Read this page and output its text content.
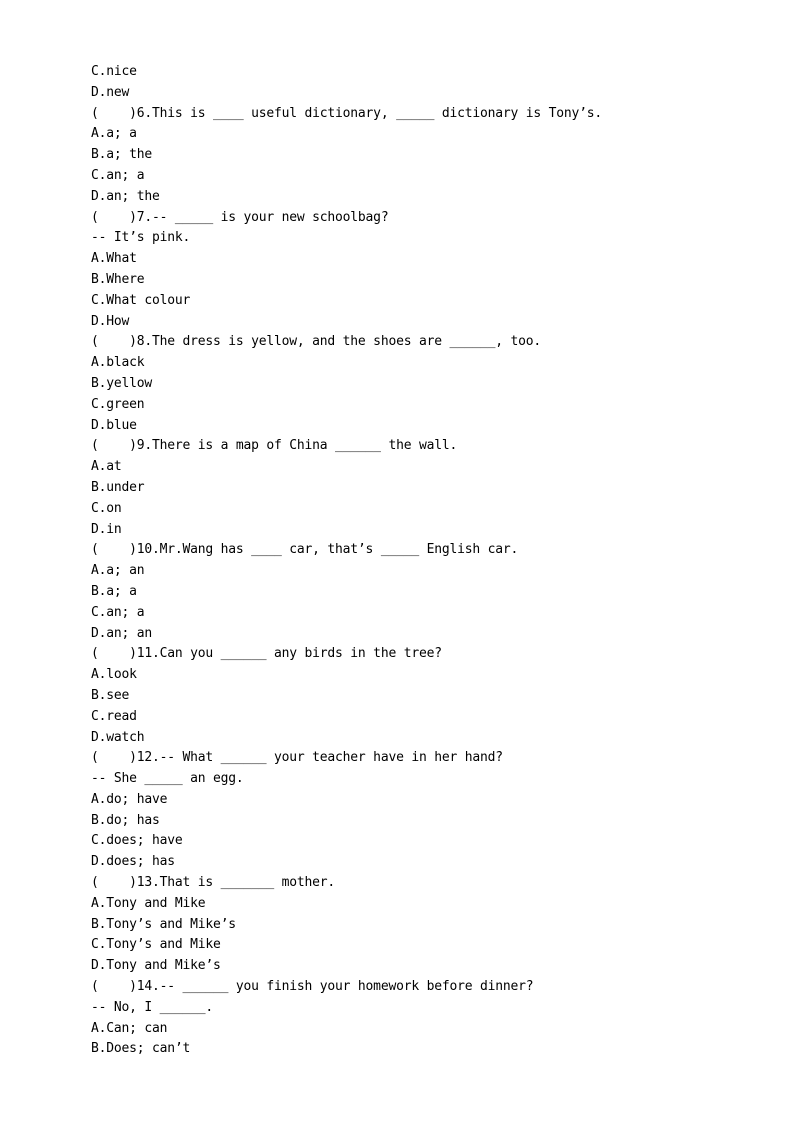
C.nice
D.new
(    )6.This is ____ useful dictionary, _____ dictionary is Tony’s.
A.a; a
B.a; the
C.an; a
D.an; the
(    )7.-- _____ is your new schoolbag?
-- It’s pink.
A.What
B.Where
C.What colour
D.How
(    )8.The dress is yellow, and the shoes are ______, too.
A.black
B.yellow
C.green
D.blue
(    )9.There is a map of China ______ the wall.
A.at
B.under
C.on
D.in
(    )10.Mr.Wang has ____ car, that’s _____ English car.
A.a; an
B.a; a
C.an; a
D.an; an
(    )11.Can you ______ any birds in the tree?
A.look
B.see
C.read
D.watch
(    )12.-- What ______ your teacher have in her hand?
-- She _____ an egg.
A.do; have
B.do; has
C.does; have
D.does; has
(    )13.That is _______ mother.
A.Tony and Mike
B.Tony’s and Mike’s
C.Tony’s and Mike
D.Tony and Mike’s
(    )14.-- ______ you finish your homework before dinner?
-- No, I ______.
A.Can; can
B.Does; can’t
